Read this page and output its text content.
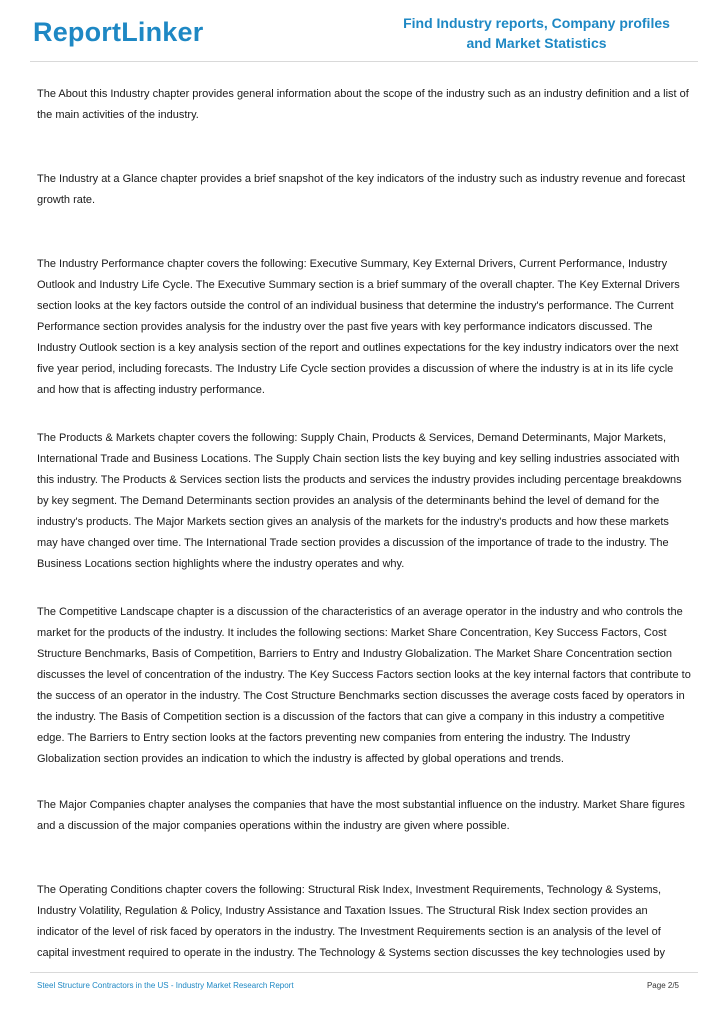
ReportLinker	Find Industry reports, Company profiles
and Market Statistics

The About this Industry chapter provides general information about the scope of the industry such as an industry definition and a list of the main activities of the industry.

The Industry at a Glance chapter provides a brief snapshot of the key indicators of the industry such as industry revenue and forecast growth rate.

The Industry Performance chapter covers the following: Executive Summary, Key External Drivers, Current Performance, Industry Outlook and Industry Life Cycle. The Executive Summary section is a brief summary of the overall chapter. The Key External Drivers section looks at the key factors outside the control of an individual business that determine the industry's performance. The Current Performance section provides analysis for the industry over the past five years with key performance indicators discussed. The Industry Outlook section is a key analysis section of the report and outlines expectations for the key industry indicators over the next five year period, including forecasts. The Industry Life Cycle section provides a discussion of where the industry is at in its life cycle and how that is affecting industry performance.

The Products & Markets chapter covers the following: Supply Chain, Products & Services, Demand Determinants, Major Markets, International Trade and Business Locations. The Supply Chain section lists the key buying and key selling industries associated with this industry. The Products & Services section lists the products and services the industry provides including percentage breakdowns by key segment. The Demand Determinants section provides an analysis of the determinants behind the level of demand for the industry's products. The Major Markets section gives an analysis of the markets for the industry's products and how these markets may have changed over time. The International Trade section provides a discussion of the importance of trade to the industry. The Business Locations section highlights where the industry operates and why.

The Competitive Landscape chapter is a discussion of the characteristics of an average operator in the industry and who controls the market for the products of the industry. It includes the following sections: Market Share Concentration, Key Success Factors, Cost Structure Benchmarks, Basis of Competition, Barriers to Entry and Industry Globalization. The Market Share Concentration section discusses the level of concentration of the industry. The Key Success Factors section looks at the key internal factors that contribute to the success of an operator in the industry. The Cost Structure Benchmarks section discusses the average costs faced by operators in the industry. The Basis of Competition section is a discussion of the factors that can give a company in this industry a competitive edge. The Barriers to Entry section looks at the factors preventing new companies from entering the industry. The Industry Globalization section provides an indication to which the industry is affected by global operations and trends.

The Major Companies chapter analyses the companies that have the most substantial influence on the industry. Market Share figures and a discussion of the major companies operations within the industry are given where possible.

The Operating Conditions chapter covers the following: Structural Risk Index, Investment Requirements, Technology & Systems, Industry Volatility, Regulation & Policy, Industry Assistance and Taxation Issues. The Structural Risk Index section provides an indicator of the level of risk faced by operators in the industry. The Investment Requirements section is an analysis of the level of capital investment required to operate in the industry. The Technology & Systems section discusses the key technologies used by

Steel Structure Contractors in the US - Industry Market Research Report	Page 2/5
